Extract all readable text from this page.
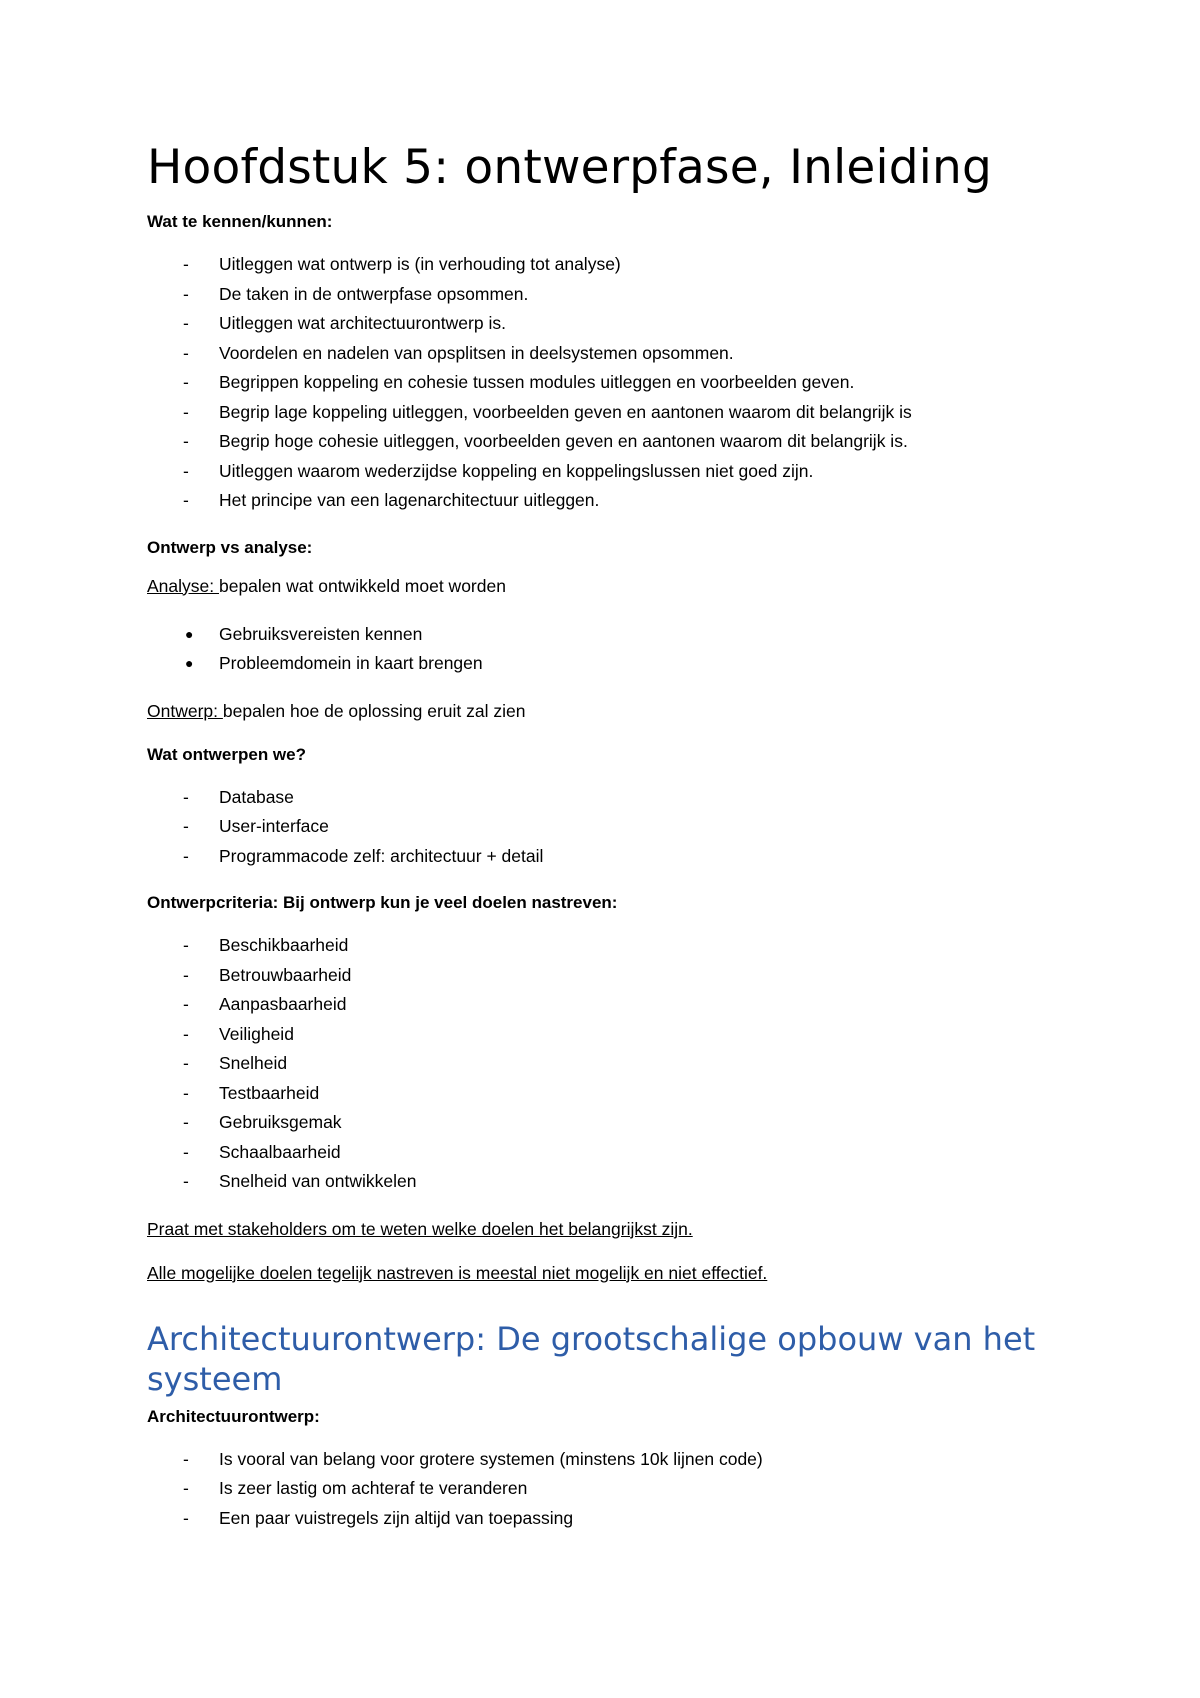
Hoofdstuk 5: ontwerpfase, Inleiding
Wat te kennen/kunnen:
- Uitleggen wat ontwerp is (in verhouding tot analyse)
- De taken in de ontwerpfase opsommen.
- Uitleggen wat architectuurontwerp is.
- Voordelen en nadelen van opsplitsen in deelsystemen opsommen.
- Begrippen koppeling en cohesie tussen modules uitleggen en voorbeelden geven.
- Begrip lage koppeling uitleggen, voorbeelden geven en aantonen waarom dit belangrijk is
- Begrip hoge cohesie uitleggen, voorbeelden geven en aantonen waarom dit belangrijk is.
- Uitleggen waarom wederzijdse koppeling en koppelingslussen niet goed zijn.
- Het principe van een lagenarchitectuur uitleggen.
Ontwerp vs analyse:
Analyse: bepalen wat ontwikkeld moet worden
● Gebruiksvereisten kennen
● Probleemdomein in kaart brengen
Ontwerp: bepalen hoe de oplossing eruit zal zien
Wat ontwerpen we?
- Database
- User-interface
- Programmacode zelf: architectuur + detail
Ontwerpcriteria: Bij ontwerp kun je veel doelen nastreven:
- Beschikbaarheid
- Betrouwbaarheid
- Aanpasbaarheid
- Veiligheid
- Snelheid
- Testbaarheid
- Gebruiksgemak
- Schaalbaarheid
- Snelheid van ontwikkelen
Praat met stakeholders om te weten welke doelen het belangrijkst zijn.
Alle mogelijke doelen tegelijk nastreven is meestal niet mogelijk en niet effectief.
Architectuurontwerp: De grootschalige opbouw van het
systeem
Architectuurontwerp:
- Is vooral van belang voor grotere systemen (minstens 10k lijnen code)
- Is zeer lastig om achteraf te veranderen
- Een paar vuistregels zijn altijd van toepassing
